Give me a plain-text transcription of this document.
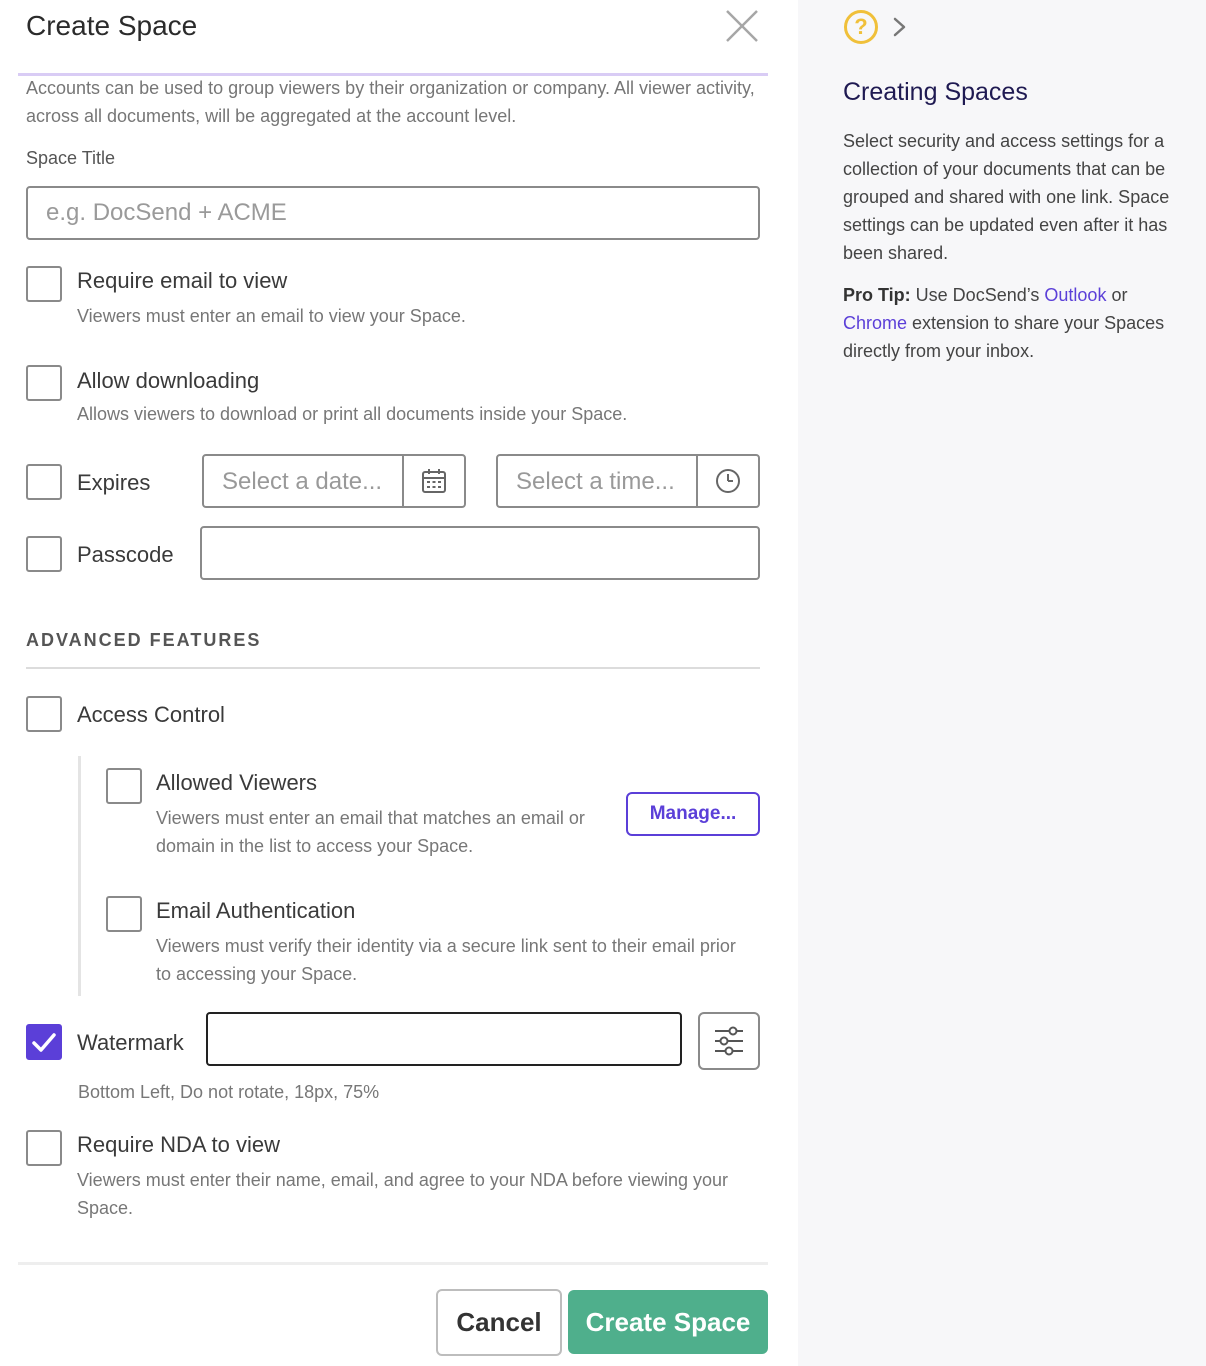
Create Space
Accounts can be used to group viewers by their organization or company. All viewer activity, across all documents, will be aggregated at the account level.
Space Title
e.g. DocSend + ACME
Require email to view
Viewers must enter an email to view your Space.
Allow downloading
Allows viewers to download or print all documents inside your Space.
Expires	Select a date...	Select a time...
Passcode
ADVANCED FEATURES
Access Control
Allowed Viewers
Viewers must enter an email that matches an email or domain in the list to access your Space.
Manage...
Email Authentication
Viewers must verify their identity via a secure link sent to their email prior to accessing your Space.
Watermark
Bottom Left, Do not rotate, 18px, 75%
Require NDA to view
Viewers must enter their name, email, and agree to your NDA before viewing your Space.
Cancel	Create Space
?
Creating Spaces
Select security and access settings for a collection of your documents that can be grouped and shared with one link. Space settings can be updated even after it has been shared.
Pro Tip: Use DocSend’s Outlook or Chrome extension to share your Spaces directly from your inbox.
